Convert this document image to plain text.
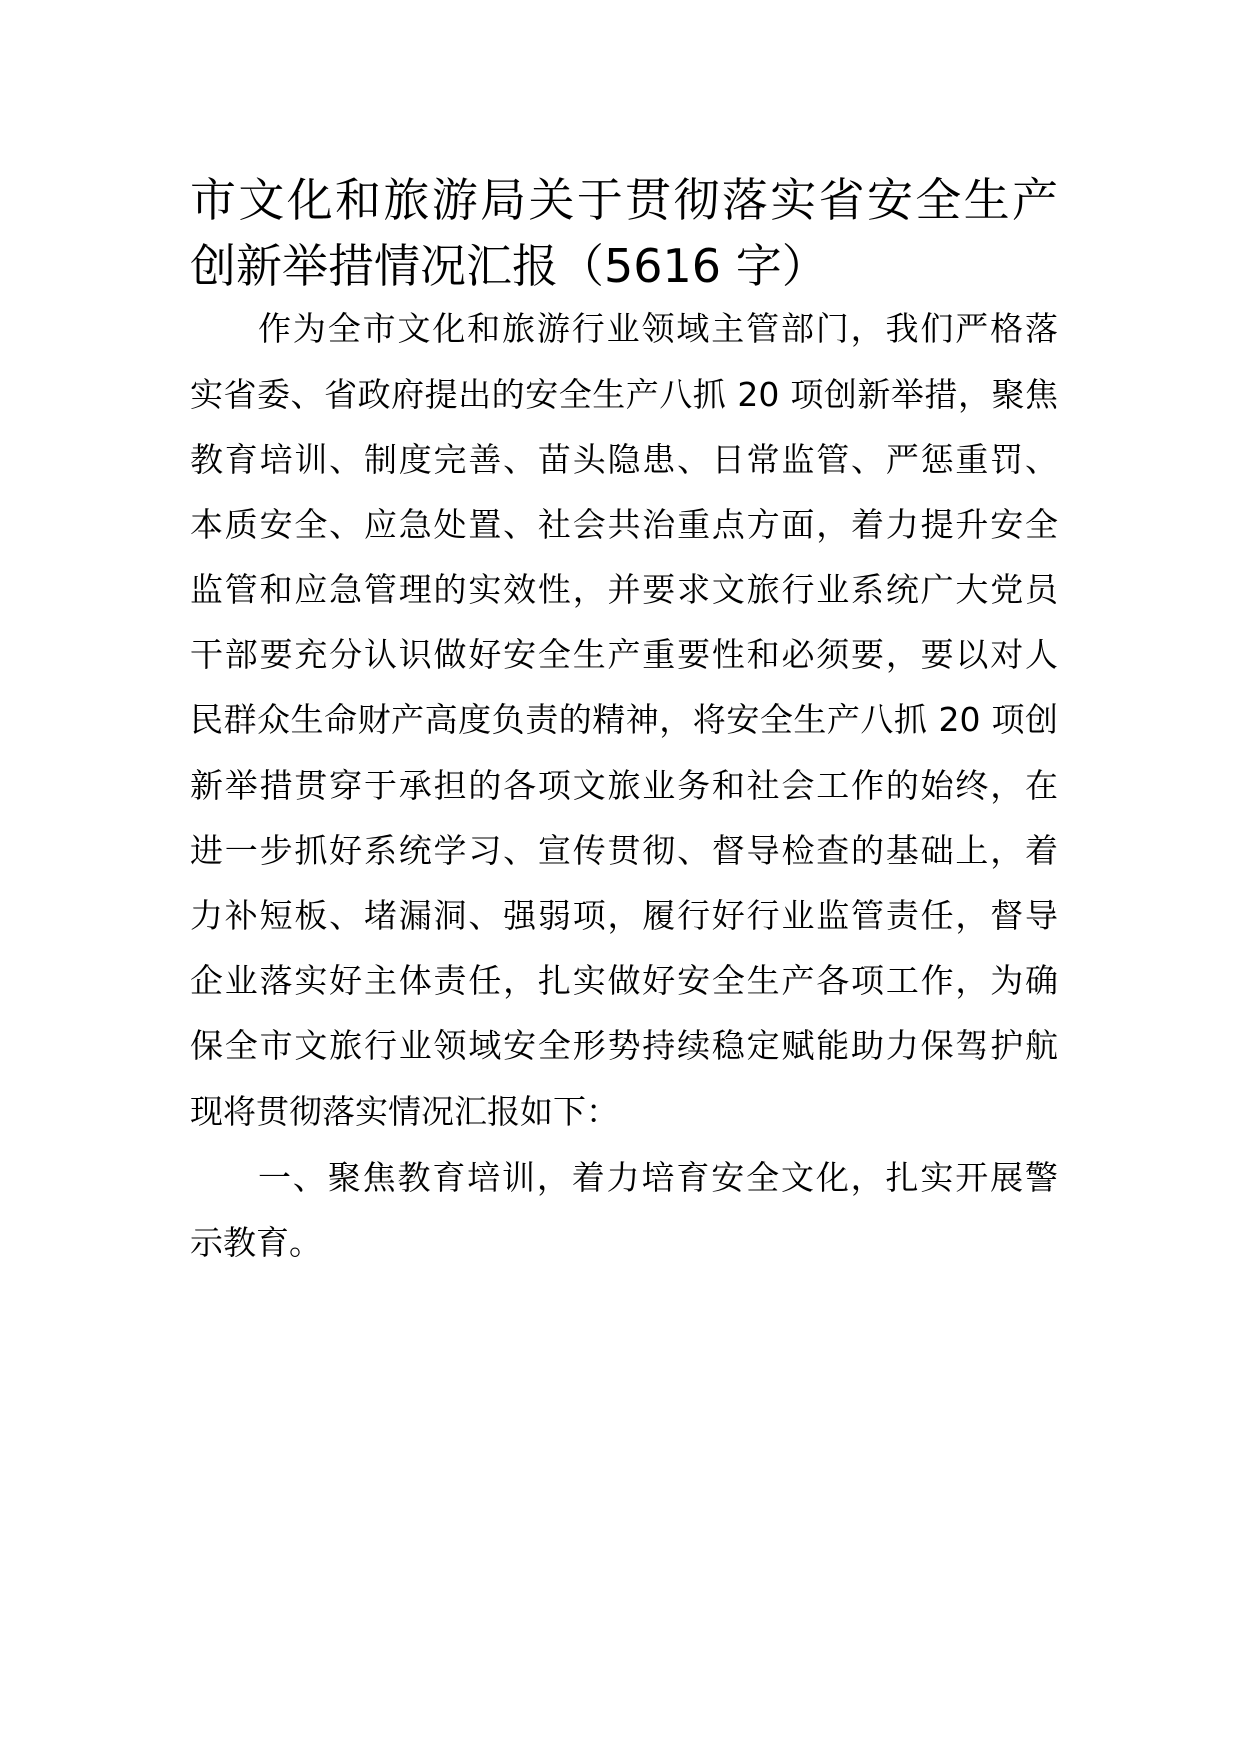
市文化和旅游局关于贯彻落实省安全生产
创新举措情况汇报（5616 字）
作为全市文化和旅游行业领域主管部门，我们严格落
实省委、省政府提出的安全生产八抓 20 项创新举措，聚焦
教育培训、制度完善、苗头隐患、日常监管、严惩重罚、
本质安全、应急处置、社会共治重点方面，着力提升安全
监管和应急管理的实效性，并要求文旅行业系统广大党员
干部要充分认识做好安全生产重要性和必须要，要以对人
民群众生命财产高度负责的精神，将安全生产八抓 20 项创
新举措贯穿于承担的各项文旅业务和社会工作的始终，在
进一步抓好系统学习、宣传贯彻、督导检查的基础上，着
力补短板、堵漏洞、强弱项，履行好行业监管责任，督导
企业落实好主体责任，扎实做好安全生产各项工作，为确
保全市文旅行业领域安全形势持续稳定赋能助力保驾护航
现将贯彻落实情况汇报如下：
一、聚焦教育培训，着力培育安全文化，扎实开展警
示教育。
